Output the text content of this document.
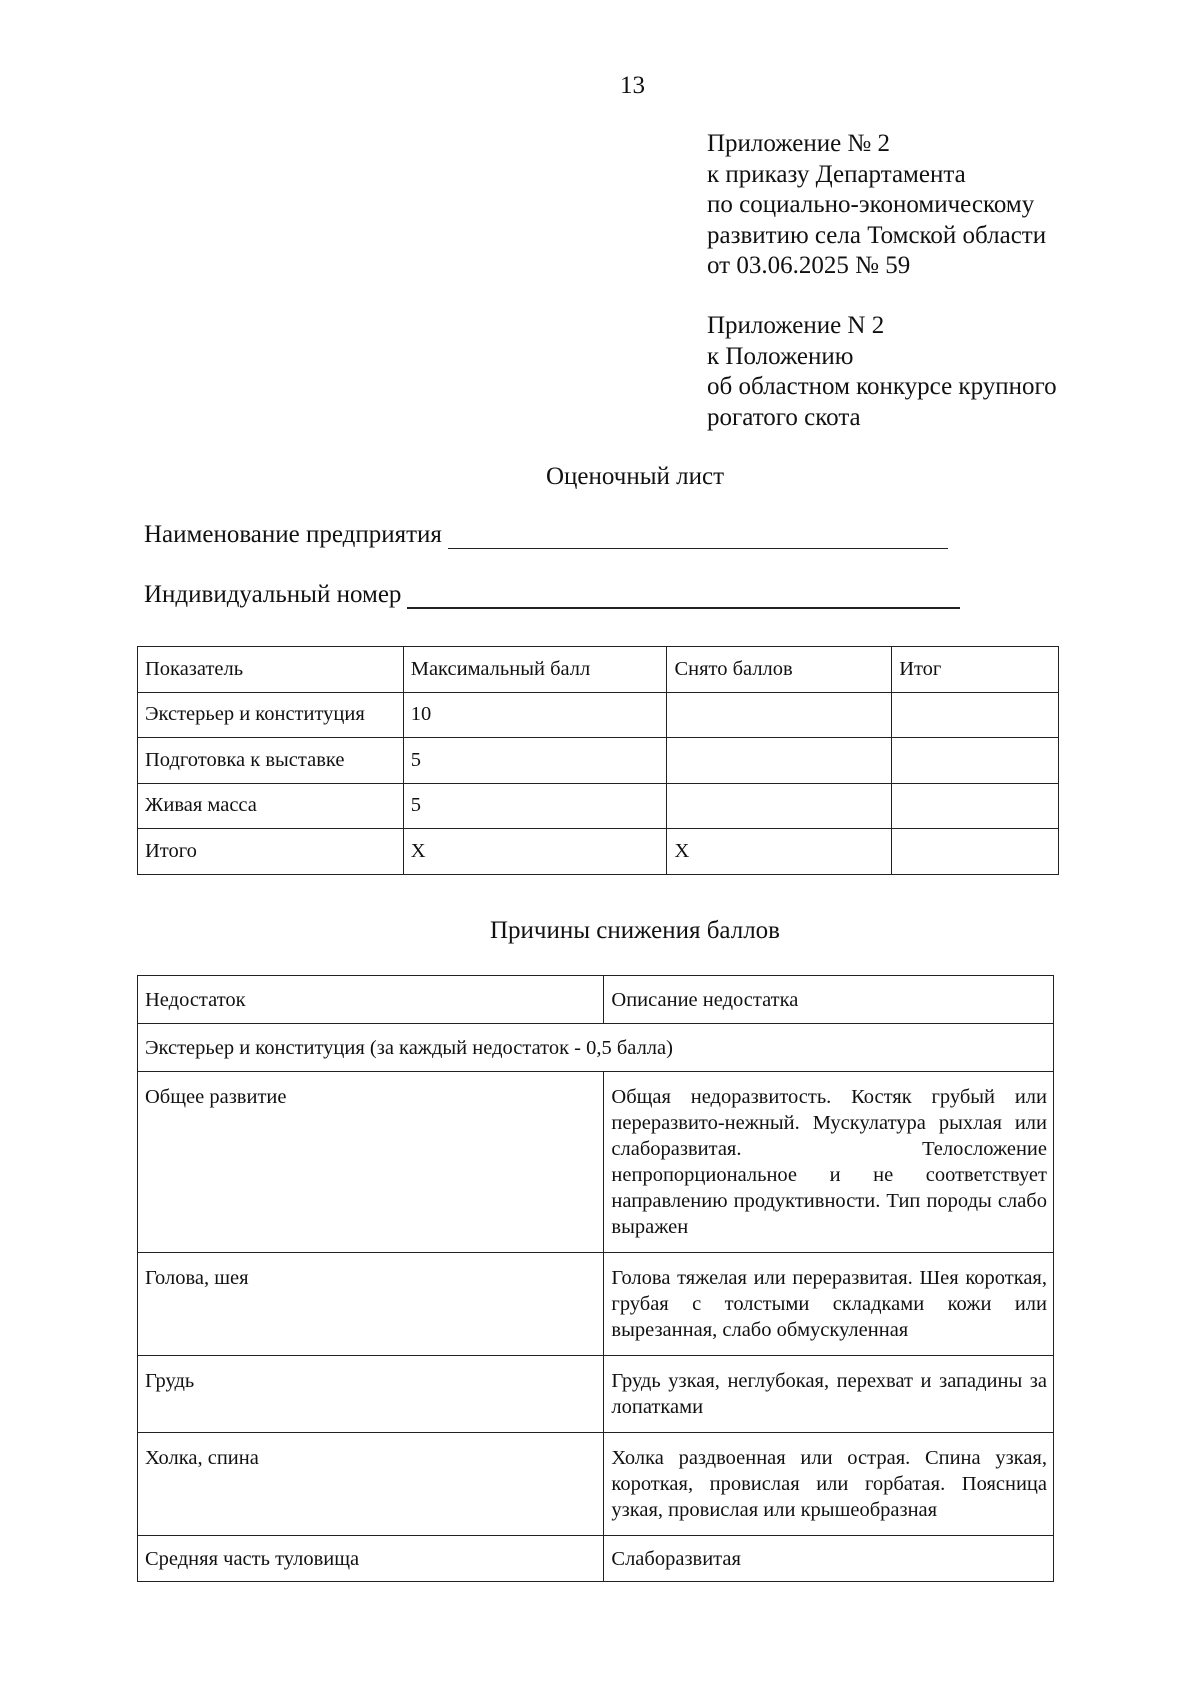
13
Приложение № 2
к приказу Департамента
по социально-экономическому
развитию села Томской области
от 03.06.2025 № 59
Приложение N 2
к Положению
об областном конкурсе крупного
рогатого скота
Оценочный лист
Наименование предприятия
Индивидуальный номер
Показатель	Максимальный балл	Снято баллов	Итог
Экстерьер и конституция	10		
Подготовка к выставке	5		
Живая масса	5		
Итого	X	X	
Причины снижения баллов
Недостаток	Описание недостатка
Экстерьер и конституция (за каждый недостаток - 0,5 балла)	
Общее развитие	Общая недоразвитость. Костяк грубый или переразвито-нежный. Мускулатура рыхлая или слаборазвитая. Телосложение непропорциональное и не соответствует направлению продуктивности. Тип породы слабо выражен
Голова, шея	Голова тяжелая или переразвитая. Шея короткая, грубая с толстыми складками кожи или вырезанная, слабо обмускуленная
Грудь	Грудь узкая, неглубокая, перехват и западины за лопатками
Холка, спина	Холка раздвоенная или острая. Спина узкая, короткая, провислая или горбатая. Поясница узкая, провислая или крышеобразная
Средняя часть туловища	Слаборазвитая
